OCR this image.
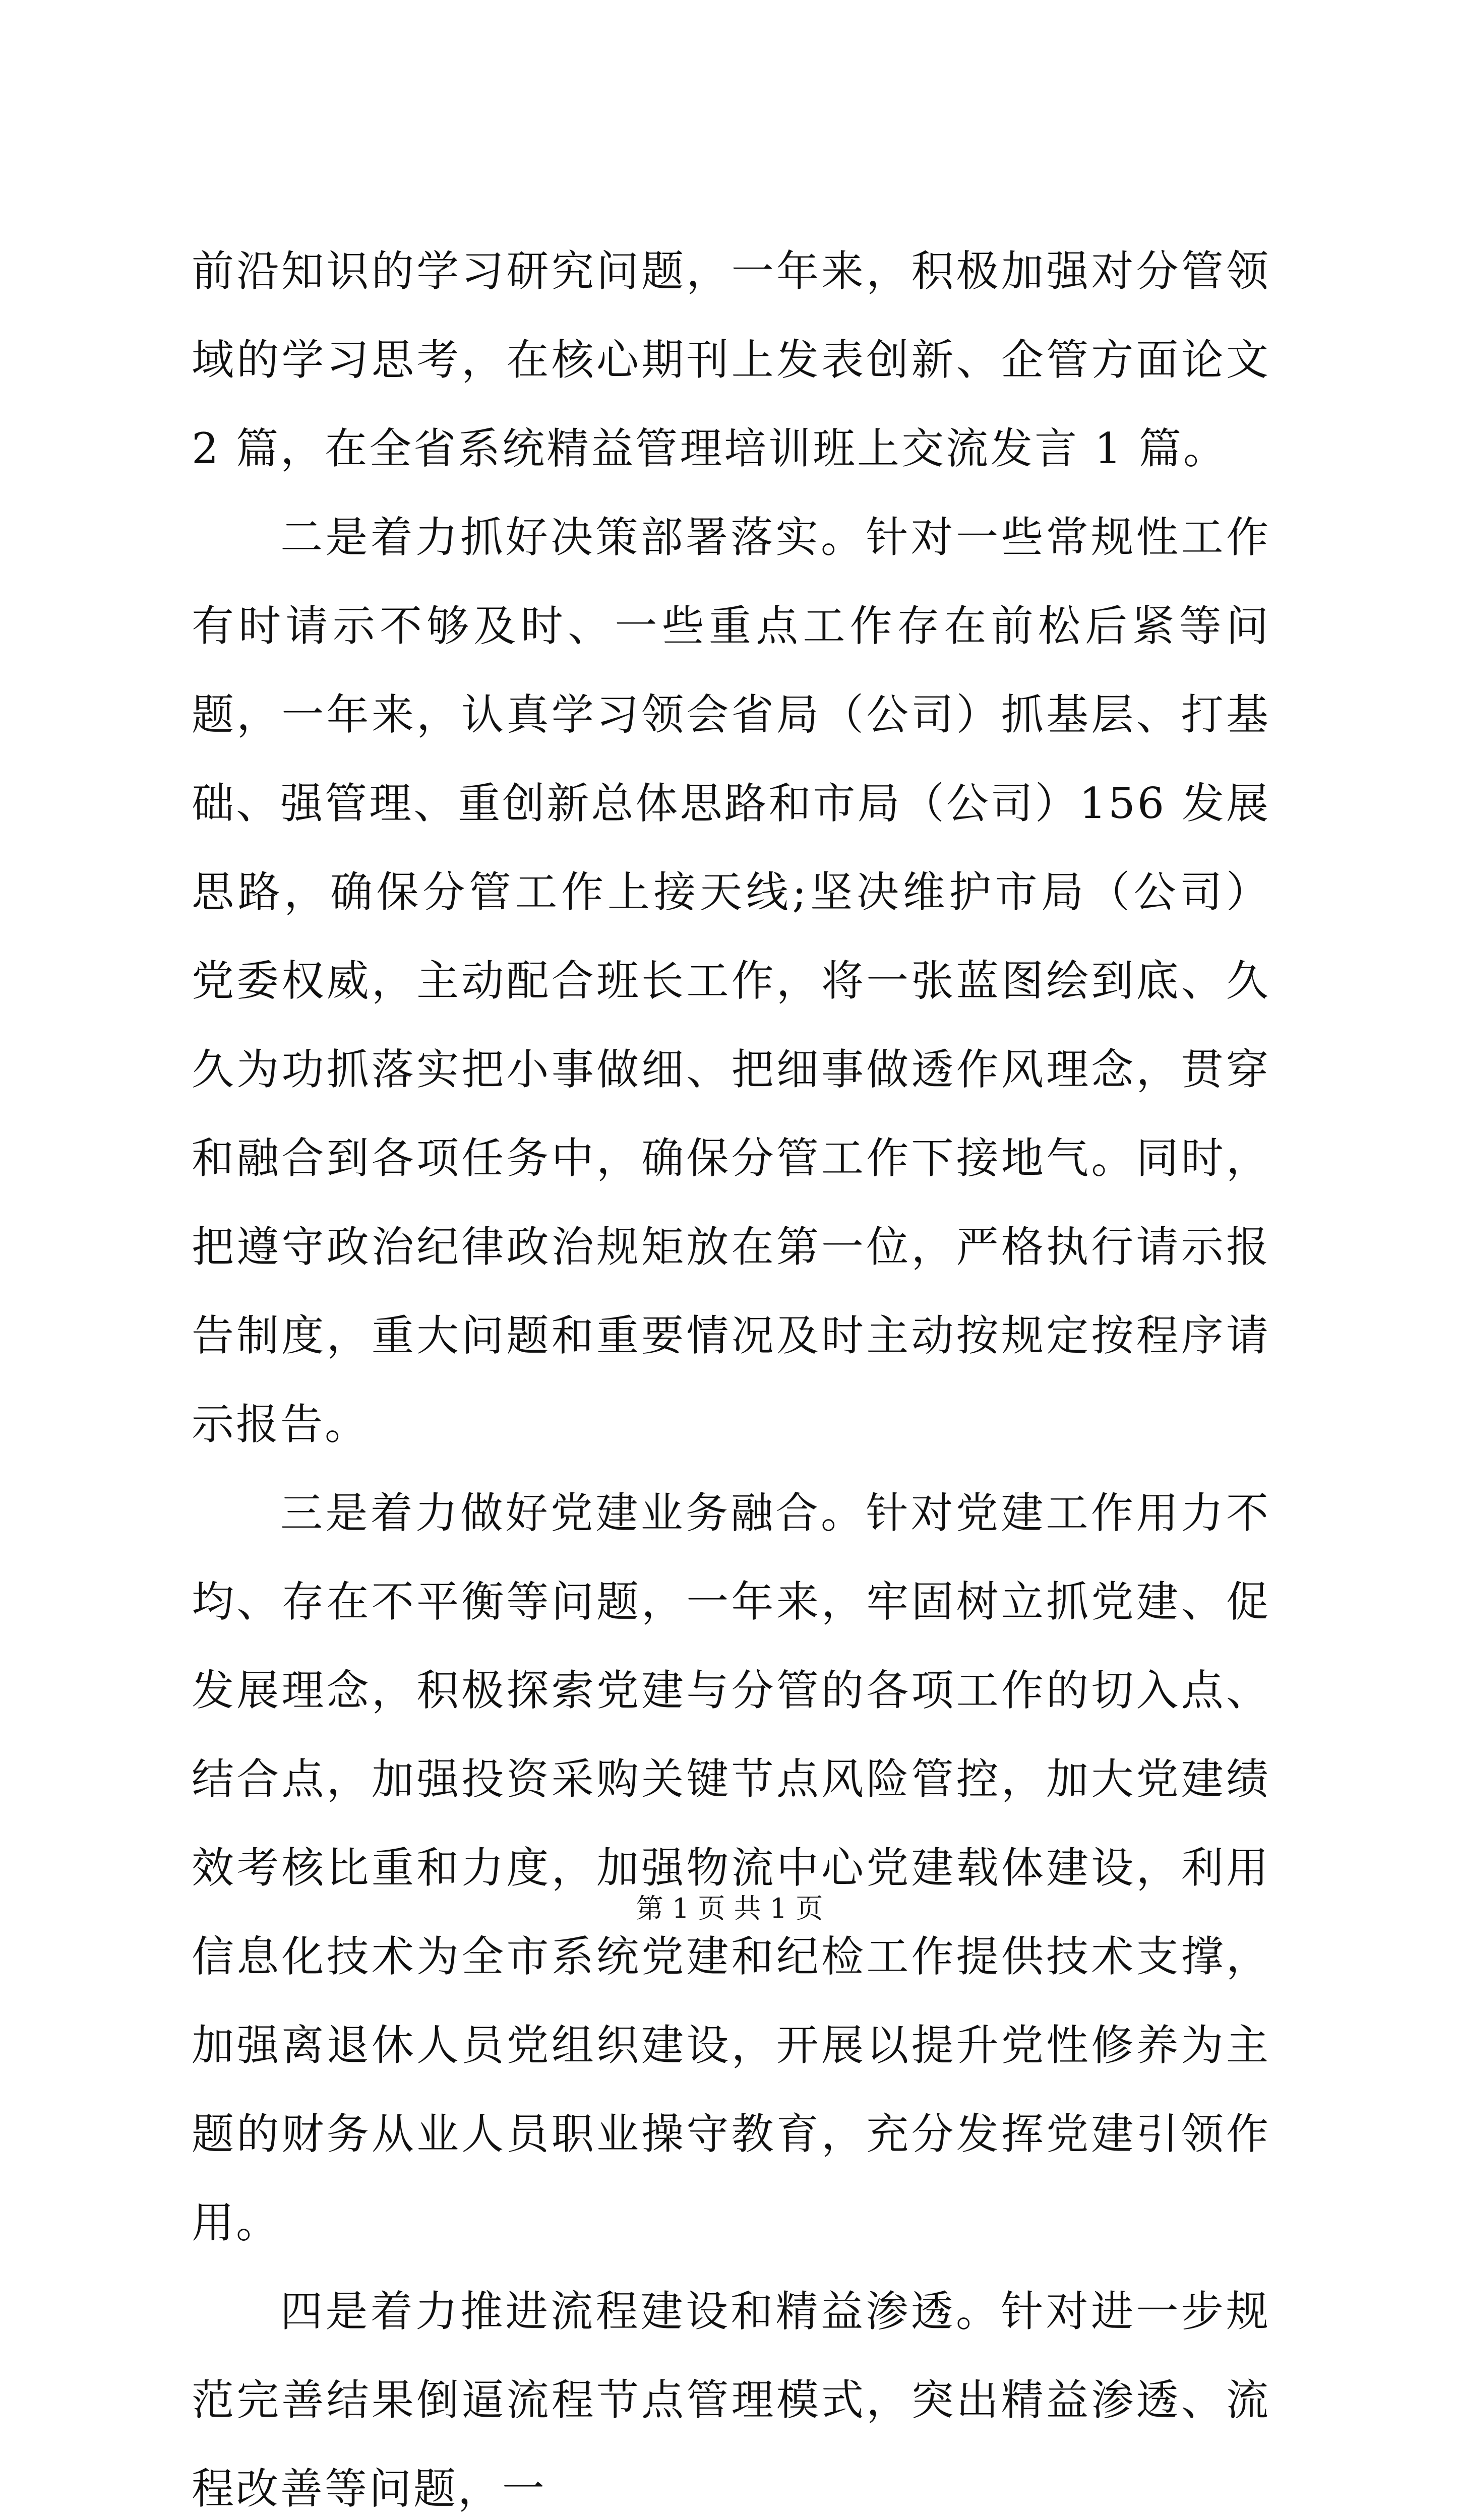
前沿知识的学习研究问题，一年来，积极加强对分管领域的学习思考，在核心期刊上发表创新、企管方面论文 2 篇，在全省系统精益管理培训班上交流发言 1 篇。

二是着力抓好决策部署落实。针对一些常规性工作有时请示不够及时、一些重点工作存在前松后紧等问题，一年来，认真学习领会省局（公司）抓基层、打基础、强管理、重创新总体思路和市局（公司）156 发展思路，确保分管工作上接天线;坚决维护市局（公司）党委权威，主动配合班长工作，将一张蓝图绘到底、久久为功抓落实把小事做细、把细事做透作风理念，贯穿和融合到各项任务中，确保分管工作下接地气。同时，把遵守政治纪律政治规矩放在第一位，严格执行请示报告制度，重大问题和重要情况及时主动按规定按程序请示报告。

三是着力做好党建业务融合。针对党建工作用力不均、存在不平衡等问题，一年来，牢固树立抓党建、促发展理念，积极探索党建与分管的各项工作的切入点、结合点，加强投资采购关键节点风险管控，加大党建绩效考核比重和力度，加强物流中心党建载体建设，利用信息化技术为全市系统党建和纪检工作提供技术支撑，加强离退休人员党组织建设，开展以提升党性修养为主题的财务从业人员职业操守教育，充分发挥党建引领作用。

四是着力推进流程建设和精益渗透。针对进一步规范完善结果倒逼流程节点管理模式，突出精益渗透、流程改善等问题，一

第 1 页 共 1 页
